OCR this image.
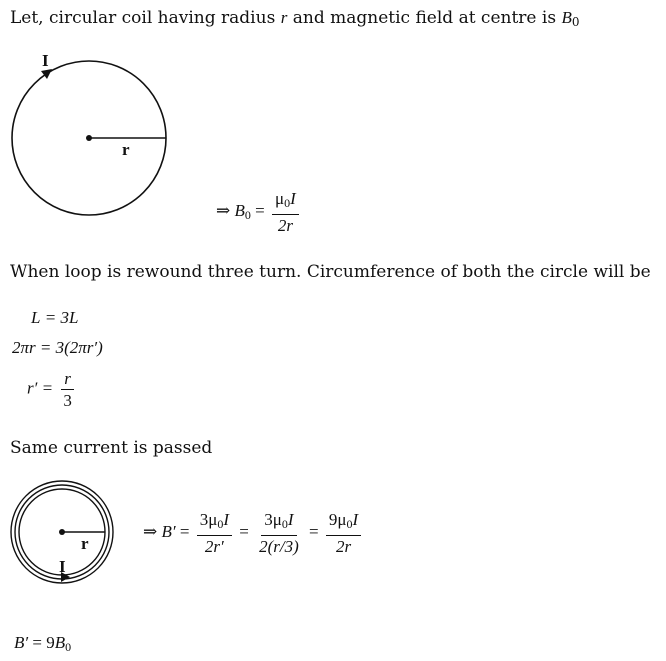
Let, circular coil having radius r and magnetic field at centre is $B_0$
I
r
⇒ $B_0 = \frac{\mu_0I}{2r}$
When loop is rewound three turn. Circumference of both the circle will be
L = 3L
2πr = 3(2πr′)
$r' = \frac{r}{3}$
Same current is passed
r
I
⇒ $B' = \frac{3\mu_0I}{2r'} = \frac{3\mu_0I}{2(r/3)} = \frac{9\mu_0I}{2r}$
$B' = 9B_0$
